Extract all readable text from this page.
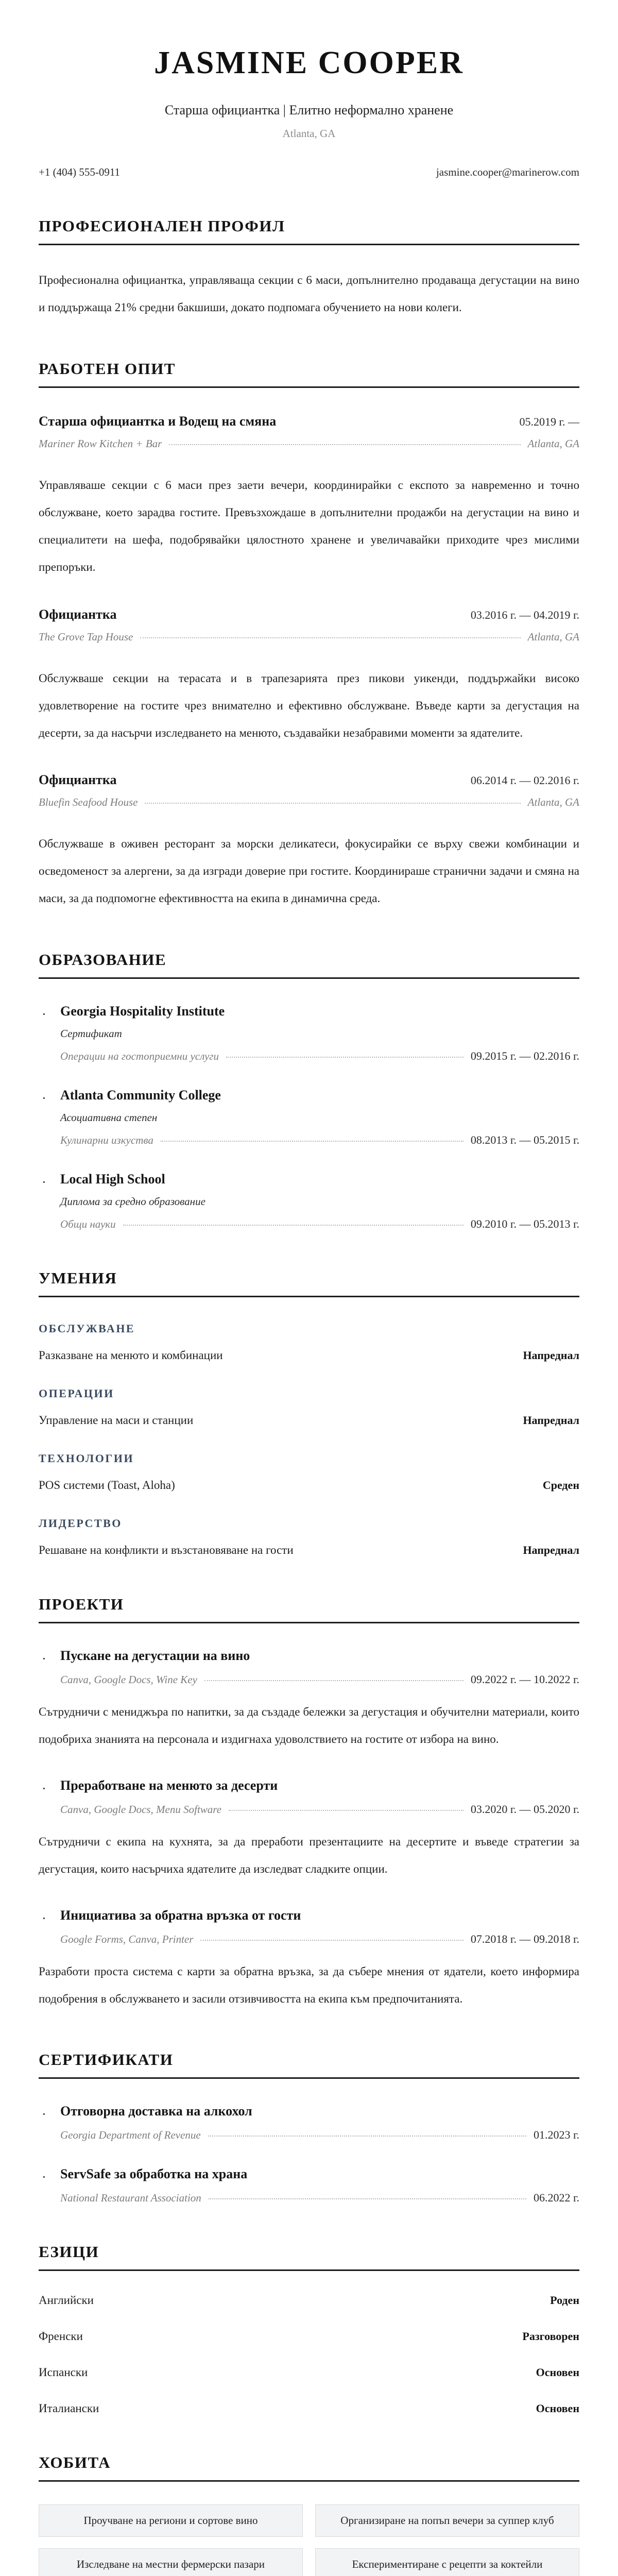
JASMINE COOPER
Старша официантка | Елитно неформално хранене
Atlanta, GA
+1 (404) 555-0911	jasmine.cooper@marinerow.com
ПРОФЕСИОНАЛЕН ПРОФИЛ

Професионална официантка, управляваща секции с 6 маси, допълнително продаваща дегустации на вино и поддържаща 21% средни бакшиши, докато подпомага обучението на нови колеги.

РАБОТЕН ОПИТ
Старша официантка и Водещ на смяна	05.2019 г. —
Mariner Row Kitchen + Bar	Atlanta, GA

Управляваше секции с 6 маси през заети вечери, координирайки с експото за навременно и точно обслужване, което зарадва гостите. Превъзхождаше в допълнителни продажби на дегустации на вино и специалитети на шефа, подобрявайки цялостното хранене и увеличавайки приходите чрез мислими препоръки.

Официантка	03.2016 г. — 04.2019 г.
The Grove Tap House	Atlanta, GA

Обслужваше секции на терасата и в трапезарията през пикови уикенди, поддържайки високо удовлетворение на гостите чрез внимателно и ефективно обслужване. Въведе карти за дегустация на десерти, за да насърчи изследването на менюто, създавайки незабравими моменти за ядателите.

Официантка	06.2014 г. — 02.2016 г.
Bluefin Seafood House	Atlanta, GA

Обслужваше в оживен ресторант за морски деликатеси, фокусирайки се върху свежи комбинации и осведоменост за алергени, за да изгради доверие при гостите. Координираше странични задачи и смяна на маси, за да подпомогне ефективността на екипа в динамична среда.

ОБРАЗОВАНИЕ
· Georgia Hospitality Institute
Сертификат
Операции на гостоприемни услуги	09.2015 г. — 02.2016 г.
· Atlanta Community College
Асоциативна степен
Кулинарни изкуства	08.2013 г. — 05.2015 г.
· Local High School
Диплома за средно образование
Общи науки	09.2010 г. — 05.2013 г.
УМЕНИЯ
ОБСЛУЖВАНЕ
Разказване на менюто и комбинации	Напреднал
ОПЕРАЦИИ
Управление на маси и станции	Напреднал
ТЕХНОЛОГИИ
POS системи (Toast, Aloha)	Среден
ЛИДЕРСТВО
Решаване на конфликти и възстановяване на гости	Напреднал
ПРОЕКТИ
· Пускане на дегустации на вино
Canva, Google Docs, Wine Key	09.2022 г. — 10.2022 г.

Сътрудничи с мениджъра по напитки, за да създаде бележки за дегустация и обучителни материали, които подобриха знанията на персонала и издигнаха удоволствието на гостите от избора на вино.

· Преработване на менюто за десерти
Canva, Google Docs, Menu Software	03.2020 г. — 05.2020 г.

Сътрудничи с екипа на кухнята, за да преработи презентациите на десертите и въведе стратегии за дегустация, които насърчиха ядателите да изследват сладките опции.

· Инициатива за обратна връзка от гости
Google Forms, Canva, Printer	07.2018 г. — 09.2018 г.

Разработи проста система с карти за обратна връзка, за да събере мнения от ядатели, което информира подобрения в обслужването и засили отзивчивостта на екипа към предпочитанията.

СЕРТИФИКАТИ
· Отговорна доставка на алкохол
Georgia Department of Revenue	01.2023 г.
· ServSafe за обработка на храна
National Restaurant Association	06.2022 г.
ЕЗИЦИ
Английски	Роден
Френски	Разговорен
Испански	Основен
Италиански	Основен
ХОБИТА
Проучване на региони и сортове вино	Организиране на попъп вечери за суппер клуб
Изследване на местни фермерски пазари	Експериментиране с рецепти за коктейли
